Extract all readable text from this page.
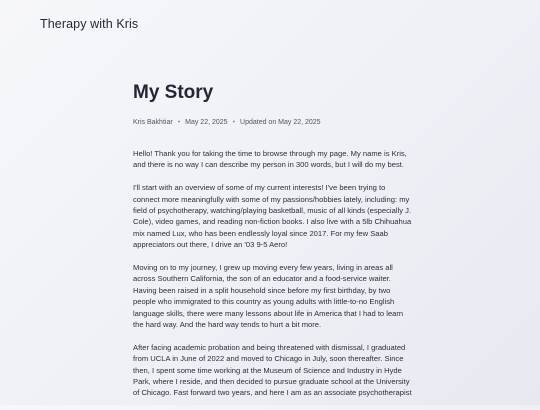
Therapy with Kris
My Story
Kris Bakhtiar • May 22, 2025 • Updated on May 22, 2025

Hello! Thank you for taking the time to browse through my page. My name is Kris, and there is no way I can describe my person in 300 words, but I will do my best.

I'll start with an overview of some of my current interests! I've been trying to connect more meaningfully with some of my passions/hobbies lately, including: my field of psychotherapy, watching/playing basketball, music of all kinds (especially J. Cole), video games, and reading non-fiction books. I also live with a 5lb Chihuahua mix named Lux, who has been endlessly loyal since 2017. For my few Saab appreciators out there, I drive an '03 9-5 Aero!

Moving on to my journey, I grew up moving every few years, living in areas all across Southern California, the son of an educator and a food-service waiter. Having been raised in a split household since before my first birthday, by two people who immigrated to this country as young adults with little-to-no English language skills, there were many lessons about life in America that I had to learn the hard way. And the hard way tends to hurt a bit more.

After facing academic probation and being threatened with dismissal, I graduated from UCLA in June of 2022 and moved to Chicago in July, soon thereafter. Since then, I spent some time working at the Museum of Science and Industry in Hyde Park, where I reside, and then decided to pursue graduate school at the University of Chicago. Fast forward two years, and here I am as an associate psychotherapist
